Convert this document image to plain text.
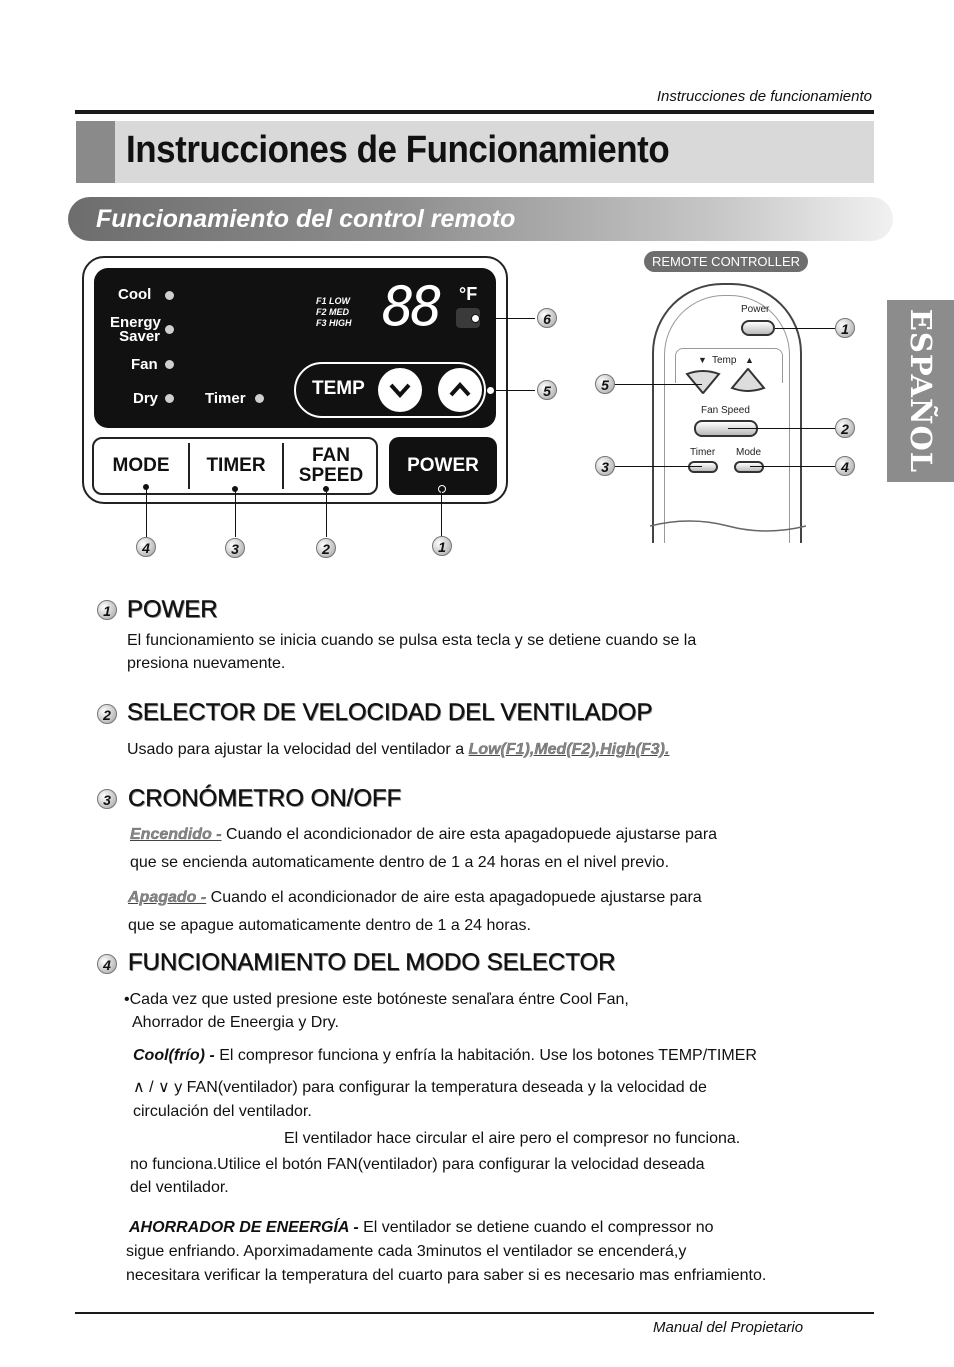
Instrucciones de funcionamiento
Instrucciones de Funcionamiento
Funcionamiento del control remoto
ESPAÑOL
Cool
Energy
Saver
Fan
Dry	Timer
F1 LOW
F2 MED
F3 HIGH 88 °F
TEMP
MODE	TIMER	FAN
SPEED	POWER
4	3	2	1
6
5
REMOTE CONTROLLER
Power
▼ Temp ▲
Fan Speed
Timer Mode
1
2
4
5
3
1 POWER
El funcionamiento se inicia cuando se pulsa esta tecla y se detiene cuando se la
presiona nuevamente.
2 SELECTOR DE VELOCIDAD DEL VENTILADOP
Usado para ajustar la velocidad del ventilador a Low(F1),Med(F2),High(F3).
3 CRONÓMETRO ON/OFF
Encendido - Cuando el acondicionador de aire esta apagadopuede ajustarse para
que se encienda automaticamente dentro de 1 a 24 horas en el nivel previo.
Apagado - Cuando el acondicionador de aire esta apagadopuede ajustarse para
que se apague automaticamente dentro de 1 a 24 horas.
4 FUNCIONAMIENTO DEL MODO SELECTOR
•Cada vez que usted presione este botóneste senaľara éntre Cool Fan,
Ahorrador de Eneergia y Dry.
Cool(frío) - El compresor funciona y enfría la habitación. Use los botones TEMP/TIMER
∧ / ∨ y FAN(ventilador) para configurar la temperatura deseada y la velocidad de
circulación del ventilador.
El ventilador hace circular el aire pero el compresor no funciona.
no funciona.Utilice el botón FAN(ventilador) para configurar la velocidad deseada
del ventilador.
AHORRADOR DE ENEERGÍA - El ventilador se detiene cuando el compressor no
sigue enfriando. Aporximadamente cada 3minutos el ventilador se encenderá,y
necesitara verificar la temperatura del cuarto para saber si es necesario mas enfriamiento.
Manual del Propietario
